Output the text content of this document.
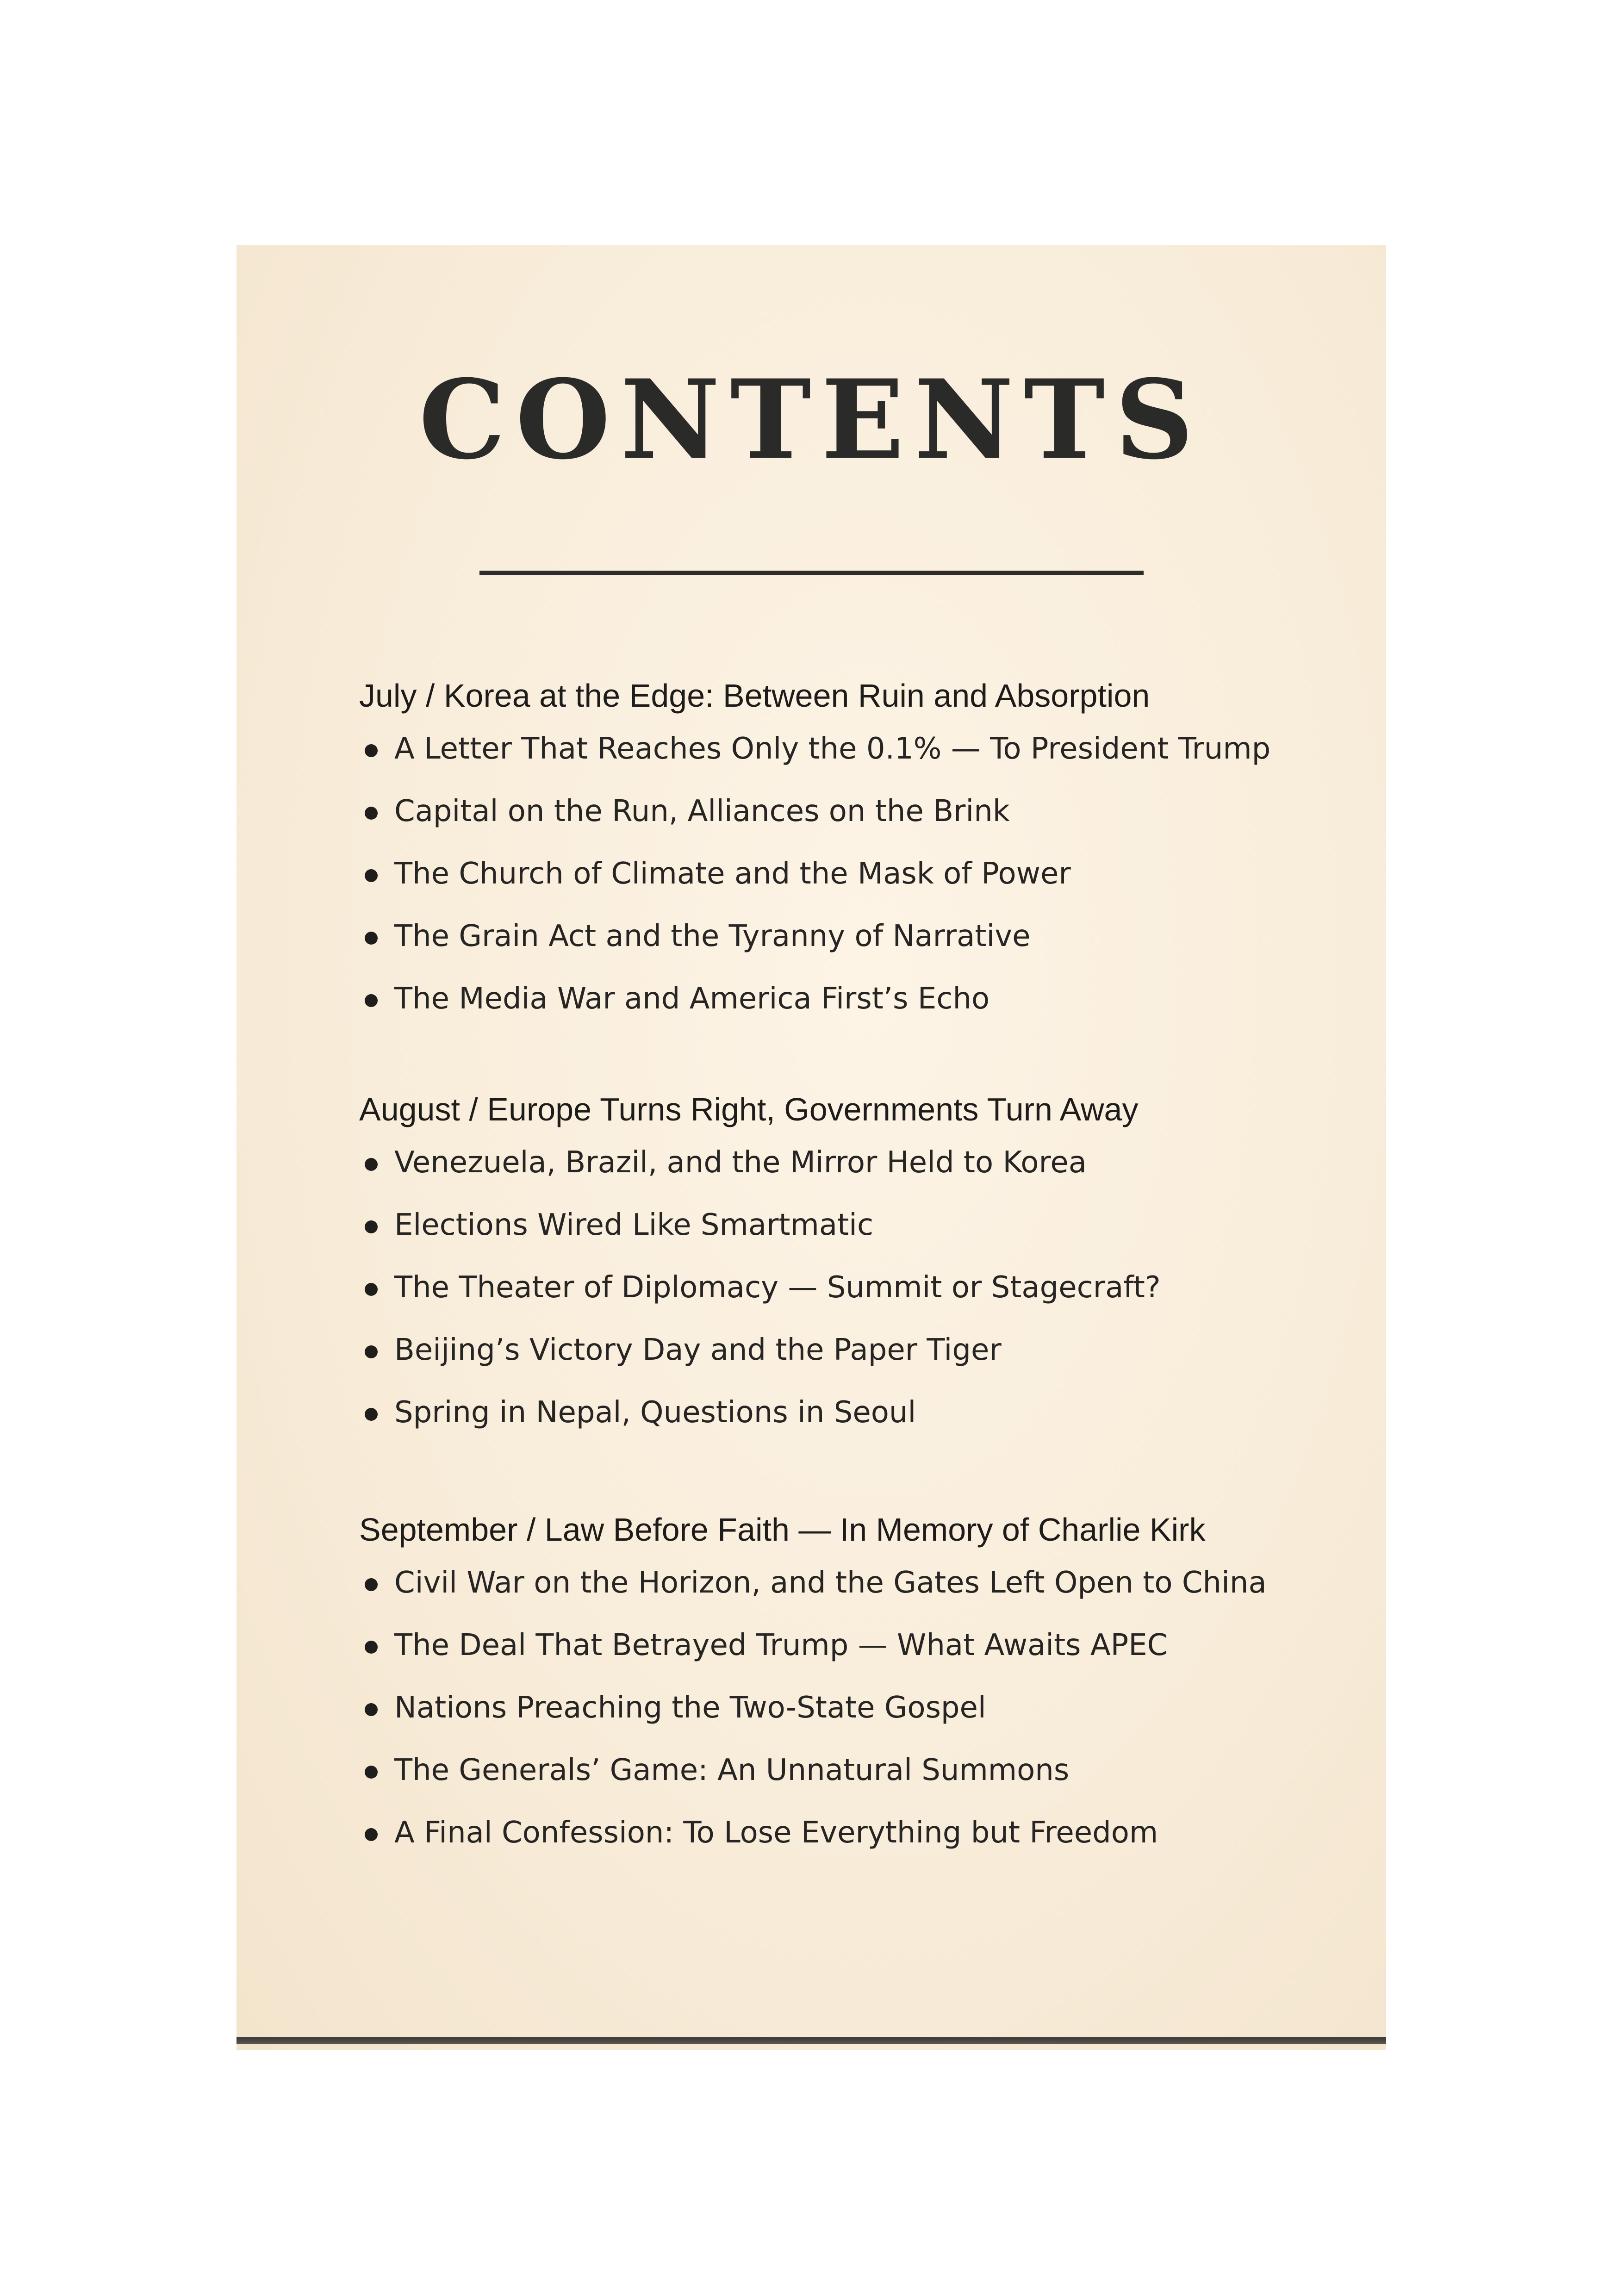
CONTENTS
July / Korea at the Edge: Between Ruin and Absorption
A Letter That Reaches Only the 0.1% — To President Trump
Capital on the Run, Alliances on the Brink
The Church of Climate and the Mask of Power
The Grain Act and the Tyranny of Narrative
The Media War and America First’s Echo
August / Europe Turns Right, Governments Turn Away
Venezuela, Brazil, and the Mirror Held to Korea
Elections Wired Like Smartmatic
The Theater of Diplomacy — Summit or Stagecraft?
Beijing’s Victory Day and the Paper Tiger
Spring in Nepal, Questions in Seoul
September / Law Before Faith — In Memory of Charlie Kirk
Civil War on the Horizon, and the Gates Left Open to China
The Deal That Betrayed Trump — What Awaits APEC
Nations Preaching the Two-State Gospel
The Generals’ Game: An Unnatural Summons
A Final Confession: To Lose Everything but Freedom
